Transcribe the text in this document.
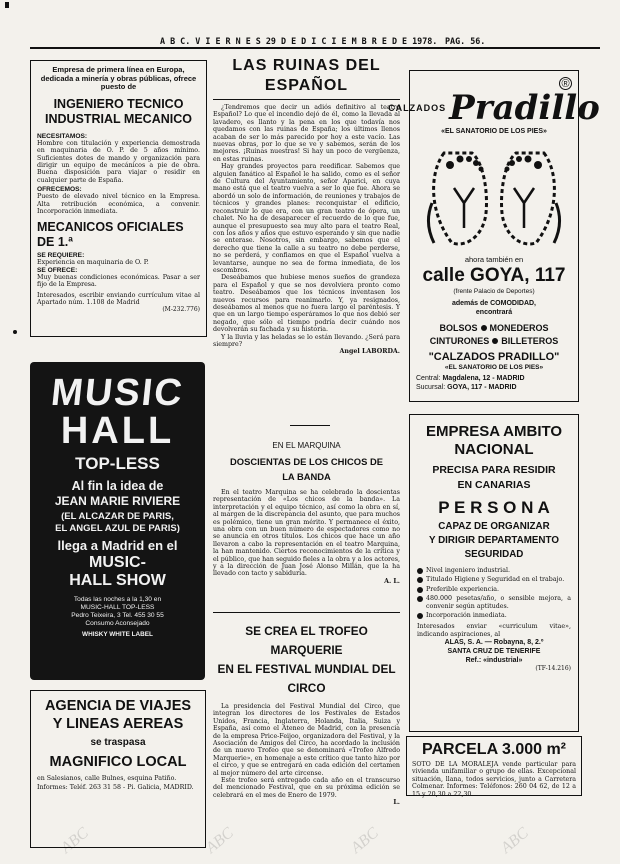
A B C. V I E R N E S 29 D E D I C I E M B R E D E 1978. PAG. 56.

Empresa de primera línea en Europa, dedicada a minería y obras públicas, ofrece puesto de

INGENIERO TECNICO

INDUSTRIAL MECANICO

NECESITAMOS:

Hombre con titulación y experiencia demostrada en maquinaria de O. P. de 5 años mínimo. Suficientes dotes de mando y organización para dirigir un equipo de mecánicos a pie de obra. Buena disposición para viajar o residir en cualquier parte de España.

OFRECEMOS:

Puesto de elevado nivel técnico en la Empresa. Alta retribución económica, a convenir. Incorporación inmediata.

MECANICOS OFICIALES DE 1.ª

SE REQUIERE:

Experiencia en maquinaria de O. P.

SE OFRECE:

Muy buenas condiciones económicas. Pasar a ser fijo de la Empresa.

Interesados, escribir enviando currículum vitae al Apartado núm. 1.108 de Madrid

(M-232.776)

MUSIC

HALL

TOP-LESS

Al fin la idea de

JEAN MARIE RIVIERE

(EL ALCAZAR DE PARIS,

EL ANGEL AZUL DE PARIS)

llega a Madrid en el

MUSIC-

HALL SHOW

Todas las noches a la 1,30 en

MUSIC-HALL TOP-LESS

Pedro Teixeira, 3 Tel. 455 30 55

Consumo Aconsejado

WHISKY WHITE LABEL

AGENCIA DE VIAJES

Y LINEAS AEREAS

se traspasa

MAGNIFICO LOCAL

en Salesianos, calle Bulnes, esquina Patiño.

Informes: Teléf. 263 31 58 - Pi. Galicia, MADRID.

LAS RUINAS DEL

ESPAÑOL

¿Tendremos que decir un adiós definitivo al teatro Español? Lo que el incendio dejó de él, como la llevada al lavadero, es llanto y la pena en los que todavía nos quedamos con las ruinas de España; los últimos llenos acaban de ser lo más parecido por hoy a este vacío. Las nuevas obras, por lo que se ve y sabemos, serán de los mejores. ¡Ruinas nuestras! Si hay un poco de vergüenza, en estas ruinas.

Hay grandes proyectos para reedificar. Sabemos que alguien fanático al Español le ha salido, como es el señor de Cultura del Ayuntamiento, señor Aparici, en cuya mano está que el teatro vuelva a ser lo que fue. Ahora se abordó un solo de información, de reuniones y trabajos de técnicos y grandes planes: reconquistar el edificio, reconstruir lo que era, con un gran teatro de ópera, un chalet. No ha de desaparecer el recuerdo de lo que fue, aunque el presupuesto sea muy alto para el teatro Real, con los años y años que estuvo esperando y sin que nadie se enterase. Nosotros, sin embargo, sabemos que el derecho que tiene la calle a su teatro no debe perderse, no se perderá, y confiamos en que el Español vuelva a levantarse, aunque no sea de forma inmediata, de los escombros.

Deseábamos que hubiese menos sueños de grandeza para el Español y que se nos devolviera pronto como teatro. Deseábamos que los técnicos inventasen los nuevos recursos para reanimarlo. Y, ya resignados, deseábamos al menos que no fuera largo el paréntesis. Y que en un largo tiempo esperáramos lo que nos debió ser negado, que sólo el tiempo podría decir cuándo nos devolverán su fachada y su historia.

Y la lluvia y las heladas se lo están llevando. ¿Será para siempre?

Angel LABORDA.

EN EL MARQUINA

DOSCIENTAS DE LOS CHICOS DE

LA BANDA

En el teatro Marquina se ha celebrado la doscientas representación de «Los chicos de la banda». La interpretación y el equipo técnico, así como la obra en sí, al margen de la discrepancia del asunto, que para muchos es polémico, tiene un gran mérito. Y permanece el éxito, una obra con un buen número de espectadores como no se anuncia en otros títulos. Los chicos que hace un año llevaron a cabo la representación en el teatro Marquina, la han mantenido. Ciertos reconocimientos de la crítica y el público, que han seguido fieles a la obra y a los actores, y a la dirección de Juan José Alonso Millán, que la ha llevado con tacto y sabiduría.

A. L.

SE CREA EL TROFEO MARQUERIE

EN EL FESTIVAL MUNDIAL DEL

CIRCO

La presidencia del Festival Mundial del Circo, que integran los directores de los Festivales de Estados Unidos, Francia, Inglaterra, Holanda, Italia, Suiza y España, así como el Ateneo de Madrid, con la presencia de la empresa Price-Feijoo, organizadora del Festival, y la Asociación de Amigos del Circo, ha acordado la inclusión de un nuevo Trofeo que se denominará «Trofeo Alfredo Marquerie», en homenaje a este crítico que tanto hizo por el circo, y que se entregará en cada edición del certamen al mejor número del arte circense.

Este trofeo será entregado cada año en el transcurso del mencionado Festival, que en su próxima edición se celebrará en el mes de Enero de 1979.

L.

®
CALZADOS Pradillo

«EL SANATORIO DE LOS PIES»

ahora también en

calle GOYA, 117

(frente Palacio de Deportes)

además de COMODIDAD,

encontrará

BOLSOS MONEDEROS
CINTURONES BILLETEROS

"CALZADOS PRADILLO"

«EL SANATORIO DE LOS PIES»

Central: Magdalena, 12 - MADRID

Sucursal: GOYA, 117 - MADRID

EMPRESA AMBITO

NACIONAL

PRECISA PARA RESIDIR

EN CANARIAS

P E R S O N A

CAPAZ DE ORGANIZAR

Y DIRIGIR DEPARTAMENTO

SEGURIDAD

Nivel ingeniero industrial.
Titulado Higiene y Seguridad en el trabajo.
Preferible experiencia.
480.000 pesetas/año, o sensible mejora, a convenir según aptitudes.
Incorporación inmediata.

Interesados enviar «curriculum vitae», indicando aspiraciones, al

ALAS, S. A. — Robayna, 8, 2.º

SANTA CRUZ DE TENERIFE

Ref.: «industrial»

(TF-14.216)

PARCELA 3.000 m²

SOTO DE LA MORALEJA vende particular para vivienda unifamiliar o grupo de ellas. Excepcional situación, llana, todos servicios, junto a Carretera Colmenar. Informes: Teléfonos: 260 04 62, de 12 a 15 y 20,30 a 22,30.

ABC	ABC	ABC	ABC
